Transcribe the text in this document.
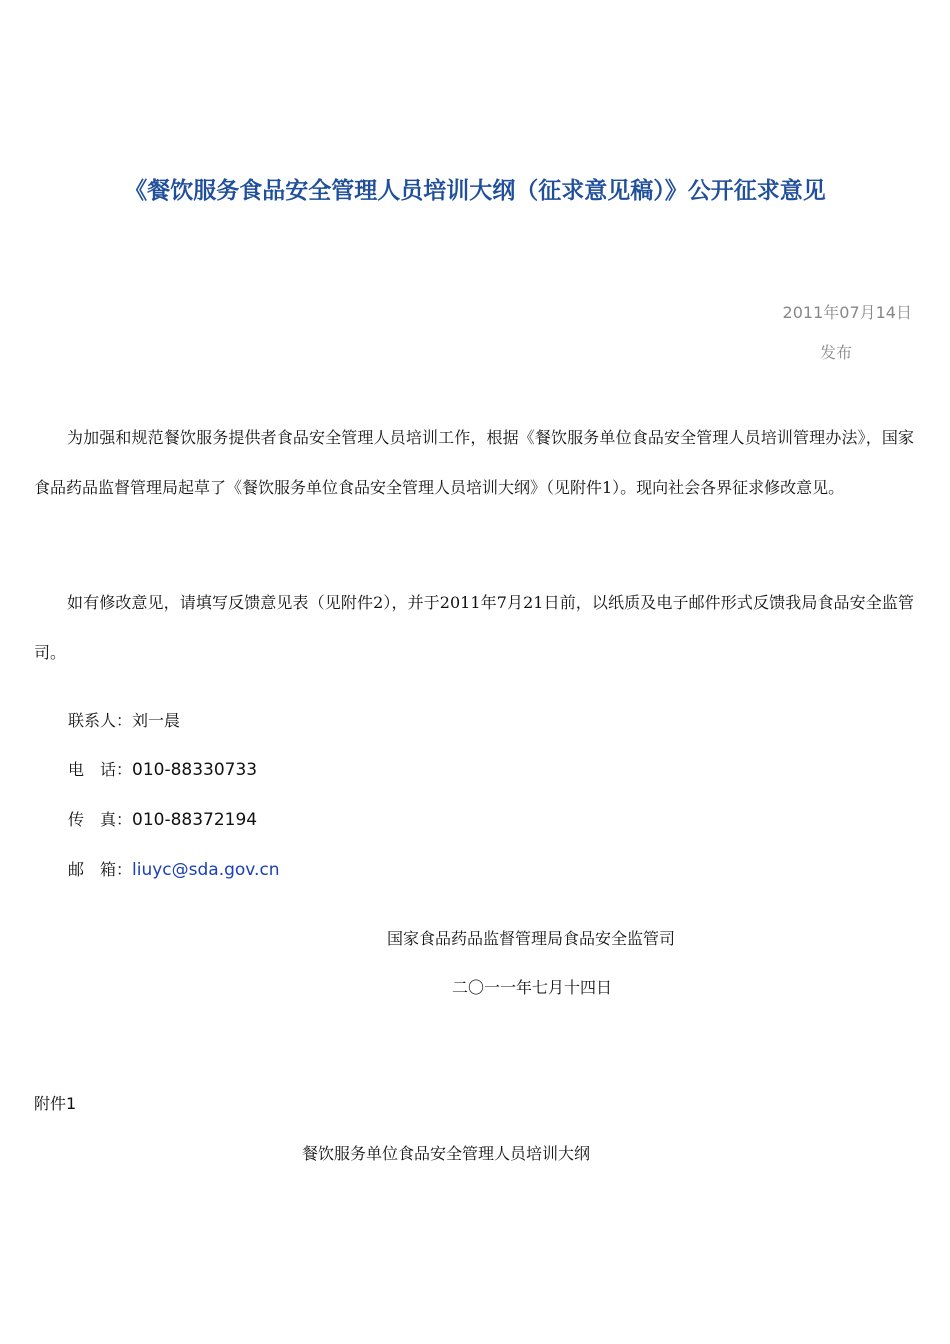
《餐饮服务食品安全管理人员培训大纲（征求意见稿）》公开征求意见
2011年07月14日
发布

为加强和规范餐饮服务提供者食品安全管理人员培训工作，根据《餐饮服务单位食品安全管理人员培训管理办法》，国家食品药品监督管理局起草了《餐饮服务单位食品安全管理人员培训大纲》（见附件1）。现向社会各界征求修改意见。

如有修改意见，请填写反馈意见表（见附件2），并于2011年7月21日前，以纸质及电子邮件形式反馈我局食品安全监管司。

联系人：刘一晨
电　话：010-88330733
传　真：010-88372194
邮　箱：liuyc@sda.gov.cn
国家食品药品监督管理局食品安全监管司
二〇一一年七月十四日
附件1
餐饮服务单位食品安全管理人员培训大纲
